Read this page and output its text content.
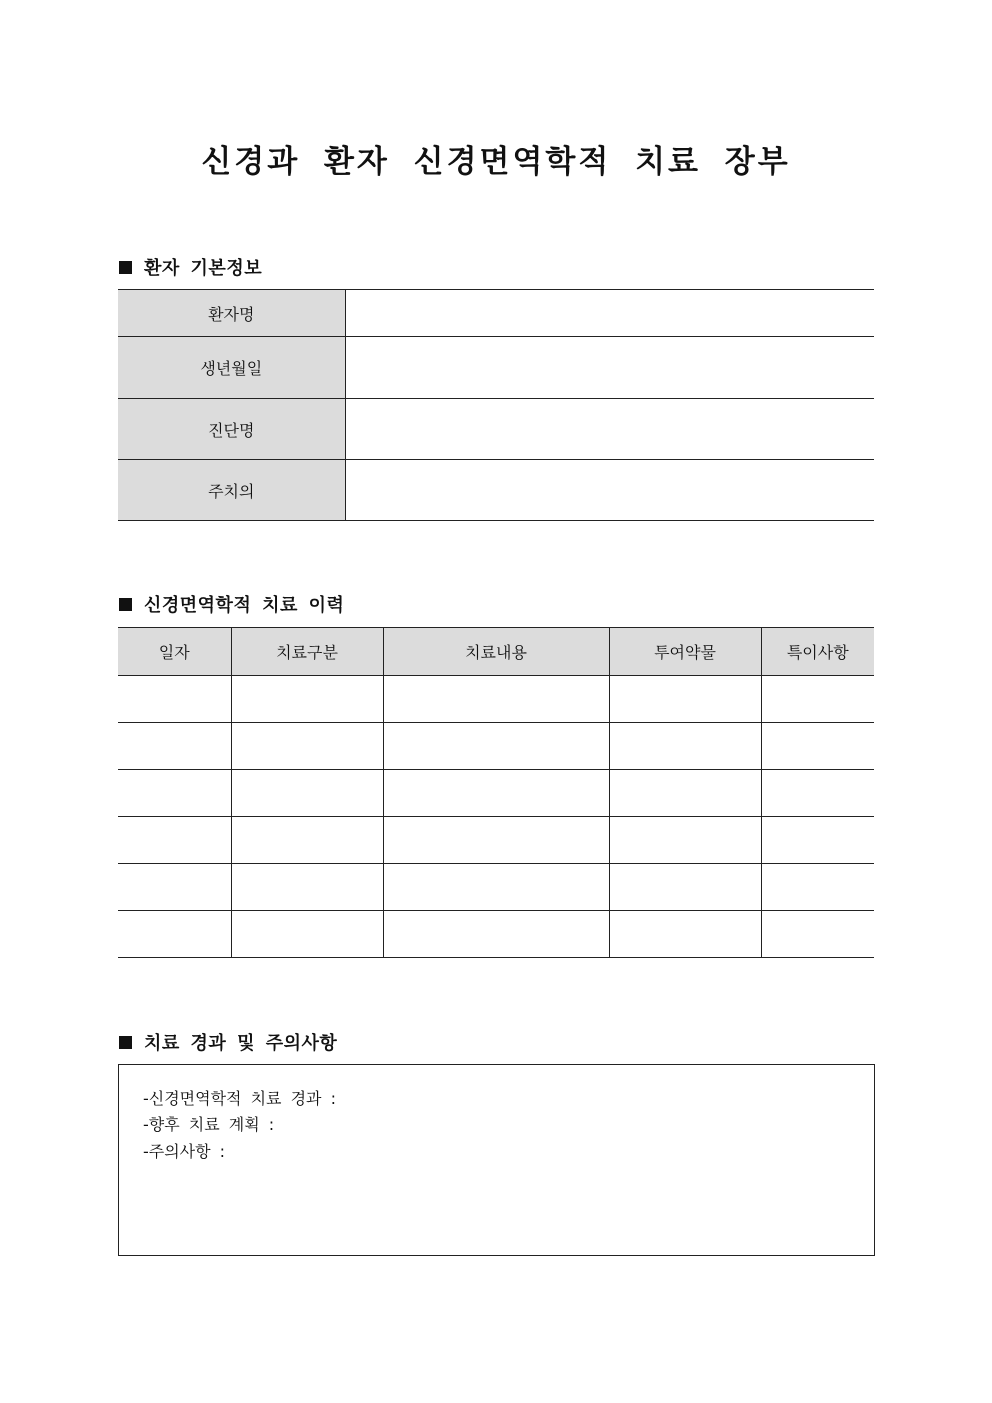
신경과 환자 신경면역학적 치료 장부
환자 기본정보
환자명	
생년월일	
진단명	
주치의	
신경면역학적 치료 이력
일자	치료구분	치료내용	투여약물	특이사항

치료 경과 및 주의사항
-신경면역학적 치료 경과 :
-향후 치료 계획 :
-주의사항 :
